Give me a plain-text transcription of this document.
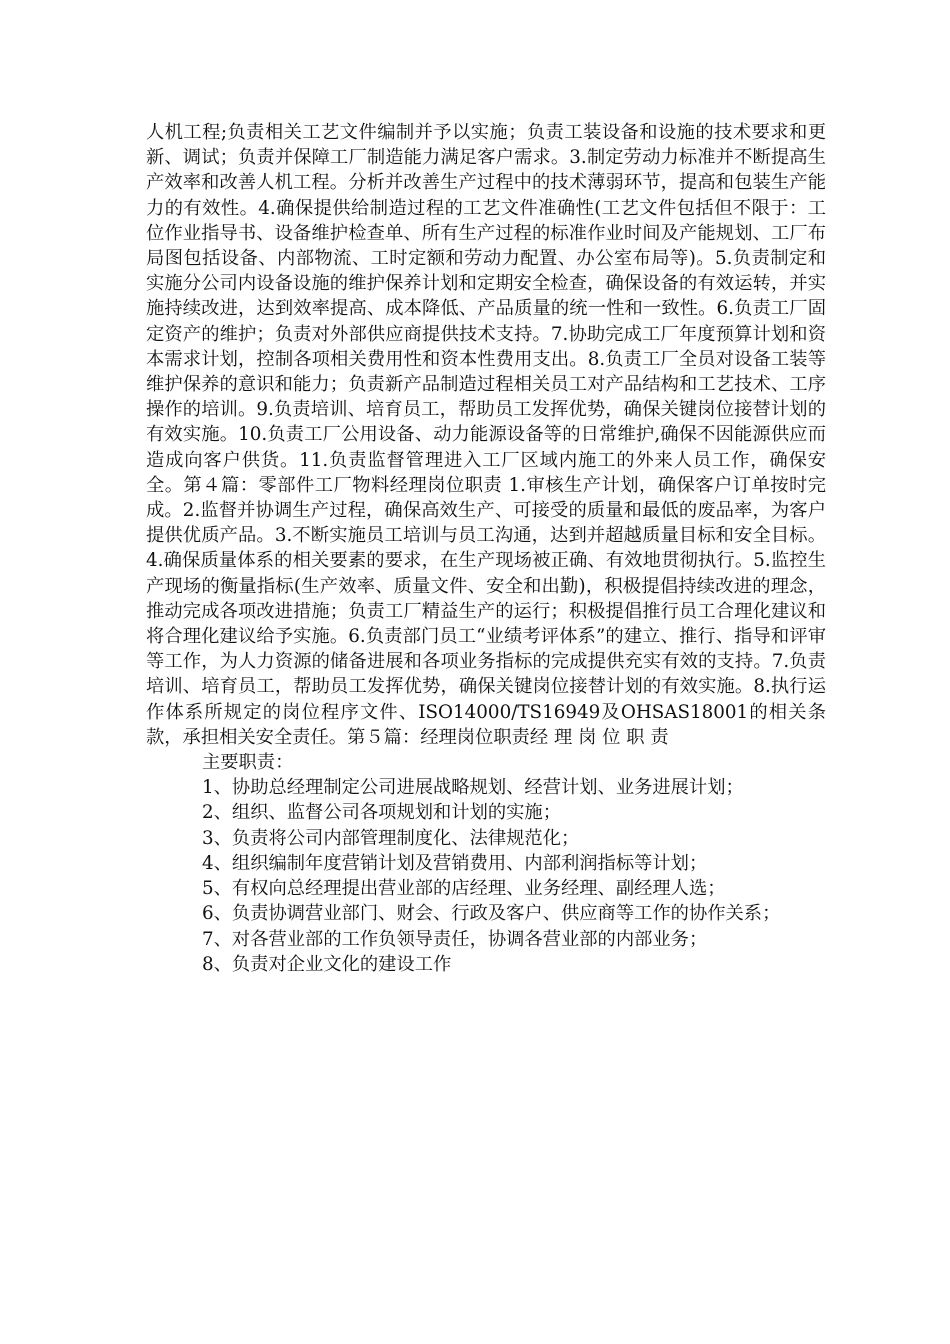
人机工程;负责相关工艺文件编制并予以实施；负责工装设备和设施的技术要求和更新、调试；负责并保障工厂制造能力满足客户需求。3.制定劳动力标准并不断提高生产效率和改善人机工程。分析并改善生产过程中的技术薄弱环节，提高和包装生产能力的有效性。4.确保提供给制造过程的工艺文件准确性(工艺文件包括但不限于：工位作业指导书、设备维护检查单、所有生产过程的标准作业时间及产能规划、工厂布局图包括设备、内部物流、工时定额和劳动力配置、办公室布局等)。5.负责制定和实施分公司内设备设施的维护保养计划和定期安全检查，确保设备的有效运转，并实施持续改进，达到效率提高、成本降低、产品质量的统一性和一致性。6.负责工厂固定资产的维护；负责对外部供应商提供技术支持。7.协助完成工厂年度预算计划和资本需求计划，控制各项相关费用性和资本性费用支出。8.负责工厂全员对设备工装等维护保养的意识和能力；负责新产品制造过程相关员工对产品结构和工艺技术、工序操作的培训。9.负责培训、培育员工，帮助员工发挥优势，确保关键岗位接替计划的有效实施。10.负责工厂公用设备、动力能源设备等的日常维护,确保不因能源供应而造成向客户供货。11.负责监督管理进入工厂区域内施工的外来人员工作，确保安全。第４篇：零部件工厂物料经理岗位职责 1.审核生产计划，确保客户订单按时完成。2.监督并协调生产过程，确保高效生产、可接受的质量和最低的废品率，为客户提供优质产品。3.不断实施员工培训与员工沟通，达到并超越质量目标和安全目标。4.确保质量体系的相关要素的要求，在生产现场被正确、有效地贯彻执行。5.监控生产现场的衡量指标(生产效率、质量文件、安全和出勤)，积极提倡持续改进的理念，推动完成各项改进措施；负责工厂精益生产的运行；积极提倡推行员工合理化建议和将合理化建议给予实施。6.负责部门员工“业绩考评体系”的建立、推行、指导和评审等工作，为人力资源的储备进展和各项业务指标的完成提供充实有效的支持。7.负责培训、培育员工，帮助员工发挥优势，确保关键岗位接替计划的有效实施。8.执行运作体系所规定的岗位程序文件、ISO14000/TS16949及OHSAS18001的相关条款，承担相关安全责任。第５篇：经理岗位职责经 理 岗 位 职 责

主要职责：

1、协助总经理制定公司进展战略规划、经营计划、业务进展计划；

2、组织、监督公司各项规划和计划的实施；

3、负责将公司内部管理制度化、法律规范化；

4、组织编制年度营销计划及营销费用、内部利润指标等计划；

5、有权向总经理提出营业部的店经理、业务经理、副经理人选；

6、负责协调营业部门、财会、行政及客户、供应商等工作的协作关系；

7、对各营业部的工作负领导责任，协调各营业部的内部业务；

8、负责对企业文化的建设工作
